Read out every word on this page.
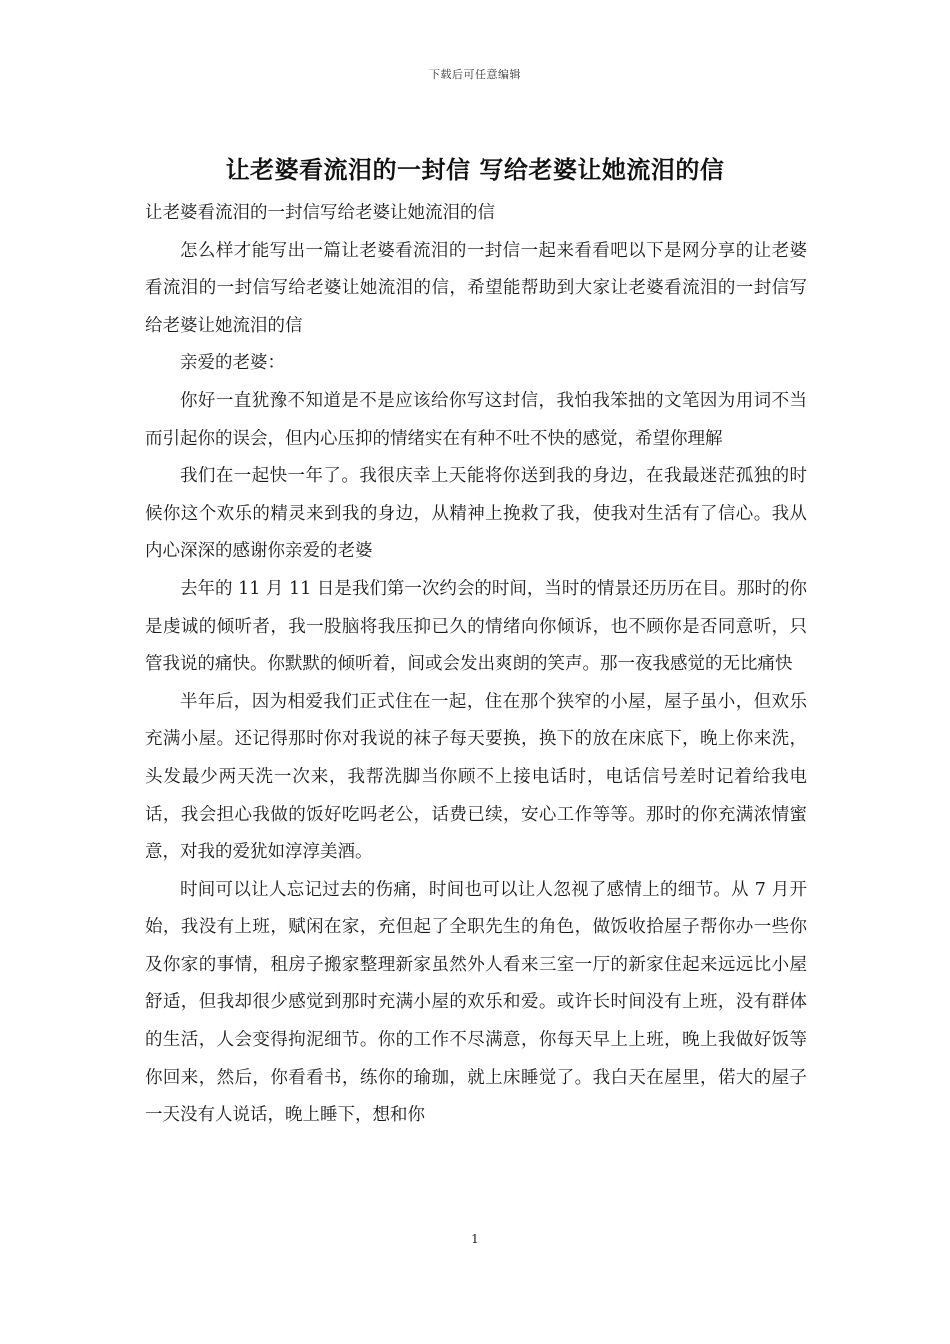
下载后可任意编辑
让老婆看流泪的一封信 写给老婆让她流泪的信

让老婆看流泪的一封信写给老婆让她流泪的信

怎么样才能写出一篇让老婆看流泪的一封信一起来看看吧以下是网分享的让老婆看流泪的一封信写给老婆让她流泪的信，希望能帮助到大家让老婆看流泪的一封信写给老婆让她流泪的信

亲爱的老婆：

你好一直犹豫不知道是不是应该给你写这封信，我怕我笨拙的文笔因为用词不当而引起你的误会，但内心压抑的情绪实在有种不吐不快的感觉，希望你理解

我们在一起快一年了。我很庆幸上天能将你送到我的身边，在我最迷茫孤独的时候你这个欢乐的精灵来到我的身边，从精神上挽救了我，使我对生活有了信心。我从内心深深的感谢你亲爱的老婆

去年的 11 月 11 日是我们第一次约会的时间，当时的情景还历历在目。那时的你是虔诚的倾听者，我一股脑将我压抑已久的情绪向你倾诉，也不顾你是否同意听，只管我说的痛快。你默默的倾听着，间或会发出爽朗的笑声。那一夜我感觉的无比痛快

半年后，因为相爱我们正式住在一起，住在那个狭窄的小屋，屋子虽小，但欢乐充满小屋。还记得那时你对我说的袜子每天要换，换下的放在床底下，晚上你来洗，头发最少两天洗一次来，我帮洗脚当你顾不上接电话时，电话信号差时记着给我电话，我会担心我做的饭好吃吗老公，话费已续，安心工作等等。那时的你充满浓情蜜意，对我的爱犹如淳淳美酒。

时间可以让人忘记过去的伤痛，时间也可以让人忽视了感情上的细节。从 7 月开始，我没有上班，赋闲在家，充但起了全职先生的角色，做饭收拾屋子帮你办一些你及你家的事情，租房子搬家整理新家虽然外人看来三室一厅的新家住起来远远比小屋舒适，但我却很少感觉到那时充满小屋的欢乐和爱。或许长时间没有上班，没有群体的生活，人会变得拘泥细节。你的工作不尽满意，你每天早上上班，晚上我做好饭等你回来，然后，你看看书，练你的瑜珈，就上床睡觉了。我白天在屋里，偌大的屋子一天没有人说话，晚上睡下，想和你

1
